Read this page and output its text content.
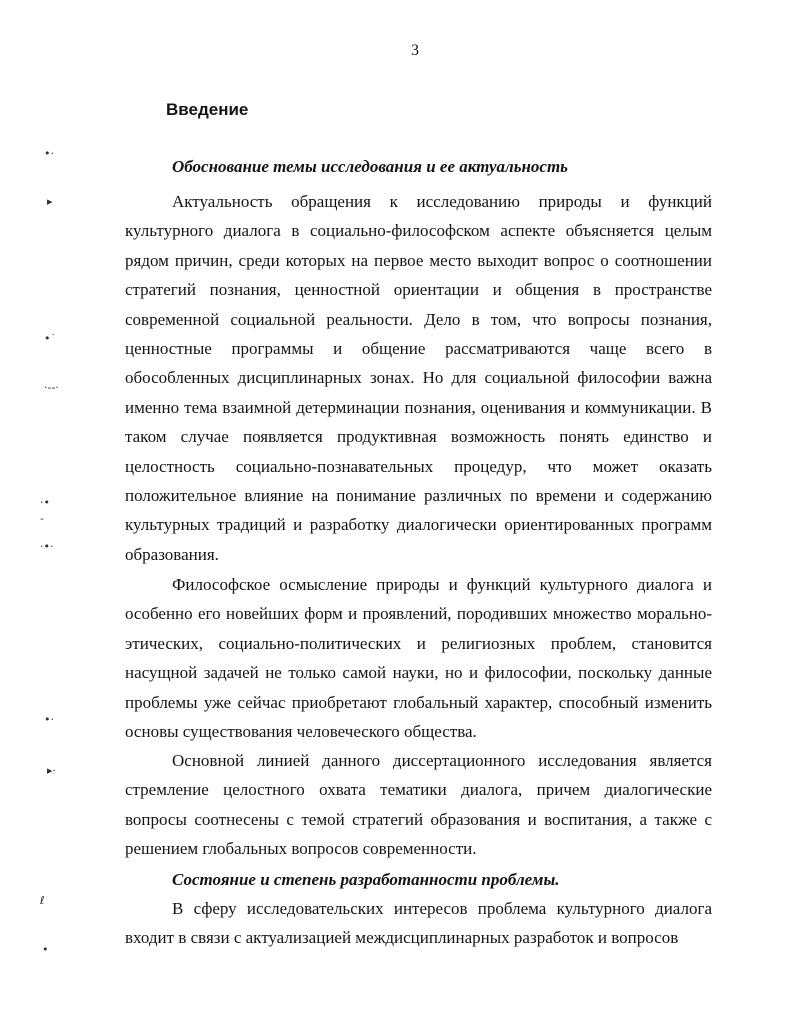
3
Введение
Обоснование темы исследования и ее актуальность

Актуальность обращения к исследованию природы и функций культурного диалога в социально-философском аспекте объясняется целым рядом причин, среди которых на первое место выходит вопрос о соотношении стратегий познания, ценностной ориентации и общения в пространстве современной социальной реальности. Дело в том, что вопросы познания, ценностные программы и общение рассматриваются чаще всего в обособленных дисциплинарных зонах. Но для социальной философии важна именно тема взаимной детерминации познания, оценивания и коммуникации. В таком случае появляется продуктивная возможность понять единство и целостность социально-познавательных процедур, что может оказать положительное влияние на понимание различных по времени и содержанию культурных традиций и разработку диалогически ориентированных программ образования.

Философское осмысление природы и функций культурного диалога и особенно его новейших форм и проявлений, породивших множество морально-этических, социально-политических и религиозных проблем, становится насущной задачей не только самой науки, но и философии, поскольку данные проблемы уже сейчас приобретают глобальный характер, способный изменить основы существования человеческого общества.

Основной линией данного диссертационного исследования является стремление целостного охвата тематики диалога, причем диалогические вопросы соотнесены с темой стратегий образования и воспитания, а также с решением глобальных вопросов современности.

Состояние и степень разработанности проблемы.

В сферу исследовательских интересов проблема культурного диалога входит в связи с актуализацией междисциплинарных разработок и вопросов

•·
▸
•˙
·--·
·•
-
·•·
•·
▸·
ℓ
•
